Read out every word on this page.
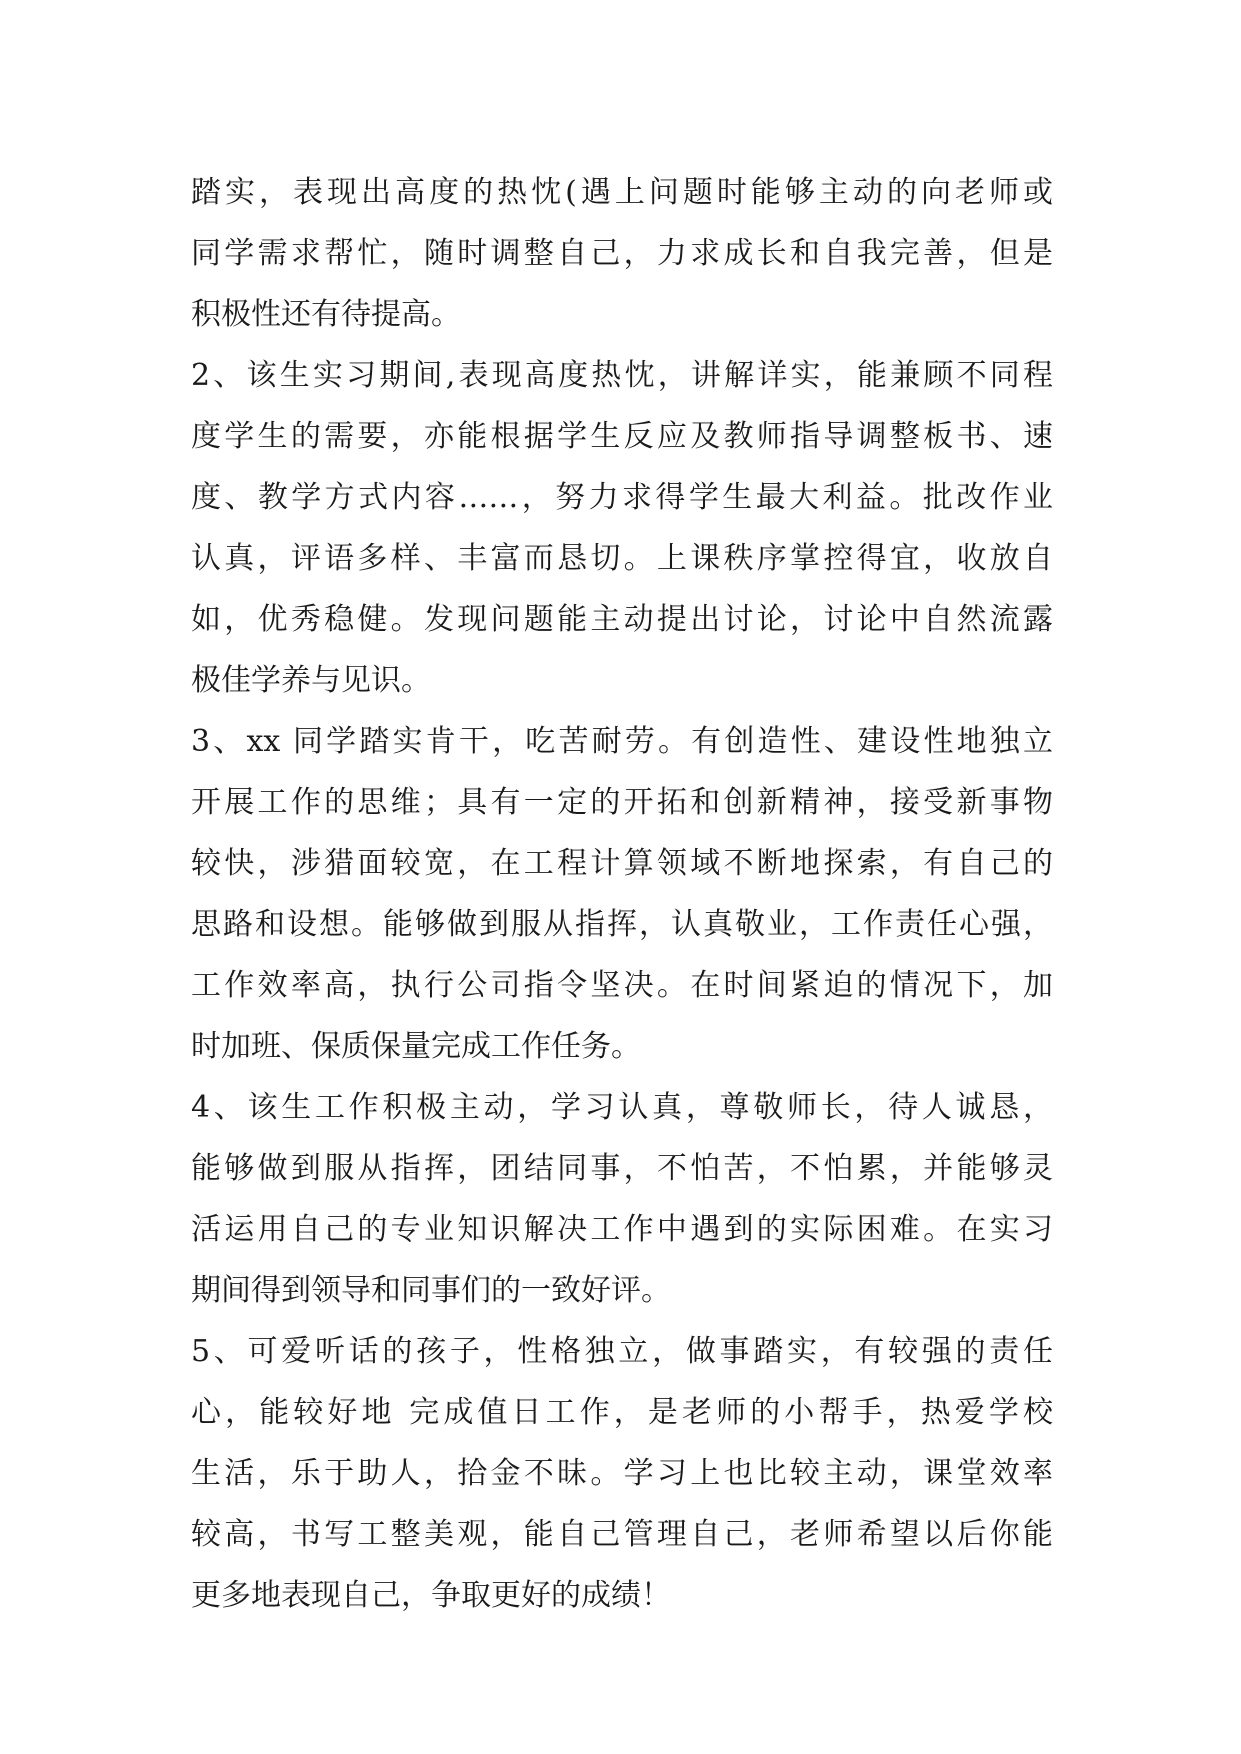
踏实，表现出高度的热忱(遇上问题时能够主动的向老师或
同学需求帮忙，随时调整自己，力求成长和自我完善，但是
积极性还有待提高。
2、该生实习期间,表现高度热忱，讲解详实，能兼顾不同程
度学生的需要，亦能根据学生反应及教师指导调整板书、速
度、教学方式内容……，努力求得学生最大利益。批改作业
认真，评语多样、丰富而恳切。上课秩序掌控得宜，收放自
如，优秀稳健。发现问题能主动提出讨论，讨论中自然流露
极佳学养与见识。
3、xx 同学踏实肯干，吃苦耐劳。有创造性、建设性地独立
开展工作的思维；具有一定的开拓和创新精神，接受新事物
较快，涉猎面较宽，在工程计算领域不断地探索，有自己的
思路和设想。能够做到服从指挥，认真敬业，工作责任心强，
工作效率高，执行公司指令坚决。在时间紧迫的情况下，加
时加班、保质保量完成工作任务。
4、该生工作积极主动，学习认真，尊敬师长，待人诚恳，
能够做到服从指挥，团结同事，不怕苦，不怕累，并能够灵
活运用自己的专业知识解决工作中遇到的实际困难。在实习
期间得到领导和同事们的一致好评。
5、可爱听话的孩子，性格独立，做事踏实，有较强的责任
心，能较好地 完成值日工作，是老师的小帮手，热爱学校
生活，乐于助人，拾金不昧。学习上也比较主动，课堂效率
较高，书写工整美观，能自己管理自己，老师希望以后你能
更多地表现自己，争取更好的成绩！
